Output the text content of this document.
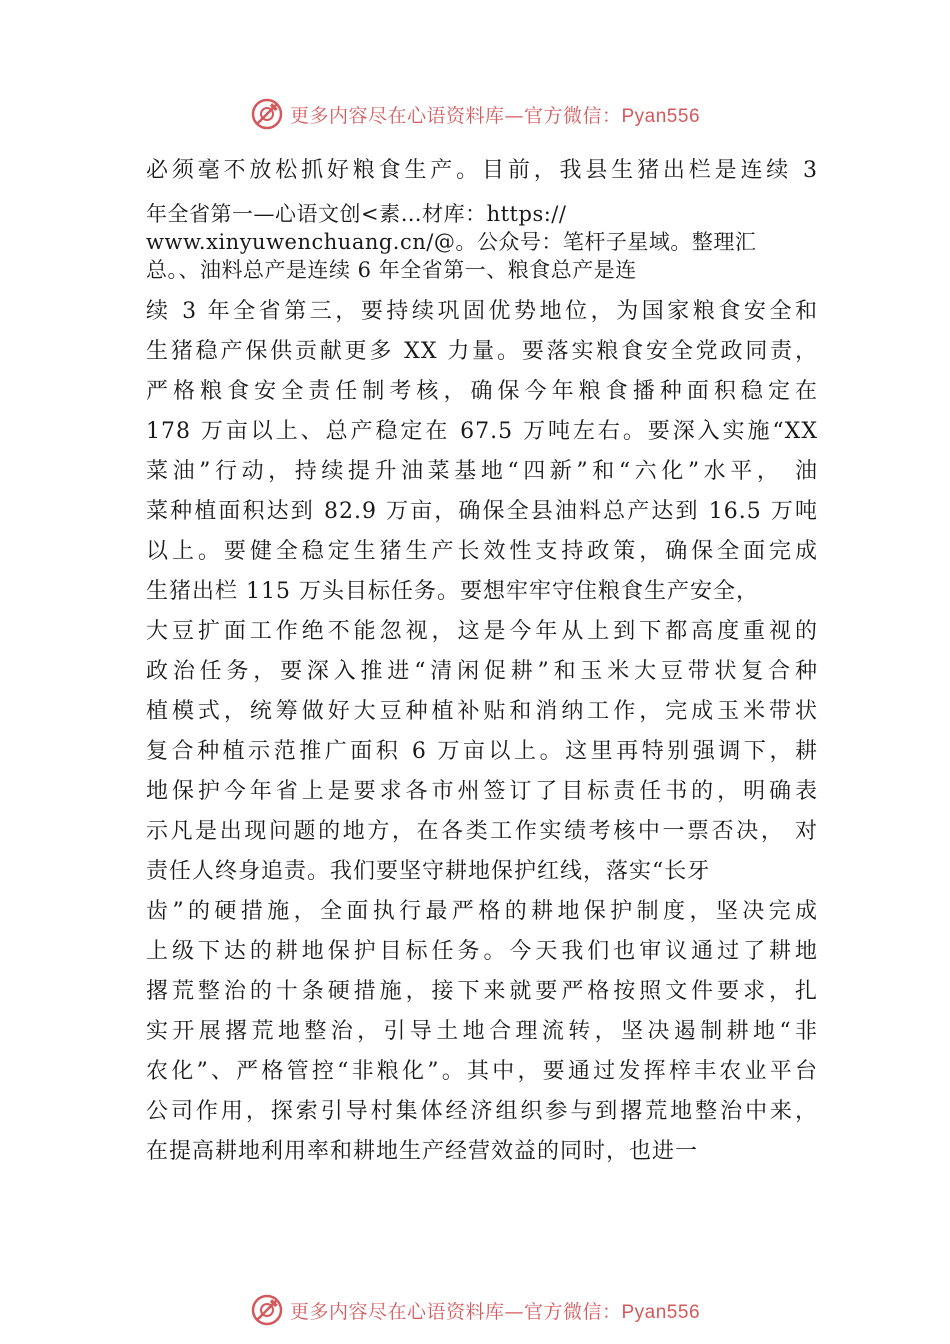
更多内容尽在心语资料库—官方微信：Pyan556
必须毫不放松抓好粮食生产。目前，我县生猪出栏是连续 3
年全省第一—心语文创<素…材库：https://
www.xinyuwenchuang.cn/@。公众号：笔杆子星域。整理汇
总。、油料总产是连续 6 年全省第一、粮食总产是连
续 3 年全省第三，要持续巩固优势地位，为国家粮食安全和
生猪稳产保供贡献更多 XX 力量。要落实粮食安全党政同责，
严格粮食安全责任制考核，确保今年粮食播种面积稳定在
178 万亩以上、总产稳定在 67.5 万吨左右。要深入实施“XX
菜油”行动，持续提升油菜基地“四新”和“六化”水平， 油
菜种植面积达到 82.9 万亩，确保全县油料总产达到 16.5 万吨
以上。要健全稳定生猪生产长效性支持政策，确保全面完成
生猪出栏 115 万头目标任务。要想牢牢守住粮食生产安全，
大豆扩面工作绝不能忽视，这是今年从上到下都高度重视的
政治任务，要深入推进“清闲促耕”和玉米大豆带状复合种
植模式，统筹做好大豆种植补贴和消纳工作，完成玉米带状
复合种植示范推广面积 6 万亩以上。这里再特别强调下，耕
地保护今年省上是要求各市州签订了目标责任书的，明确表
示凡是出现问题的地方，在各类工作实绩考核中一票否决， 对
责任人终身追责。我们要坚守耕地保护红线，落实“长牙
齿”的硬措施，全面执行最严格的耕地保护制度，坚决完成
上级下达的耕地保护目标任务。今天我们也审议通过了耕地
撂荒整治的十条硬措施，接下来就要严格按照文件要求，扎
实开展撂荒地整治，引导土地合理流转，坚决遏制耕地“非
农化”、严格管控“非粮化”。其中，要通过发挥梓丰农业平台
公司作用，探索引导村集体经济组织参与到撂荒地整治中来，
在提高耕地利用率和耕地生产经营效益的同时，也进一
更多内容尽在心语资料库—官方微信：Pyan556
